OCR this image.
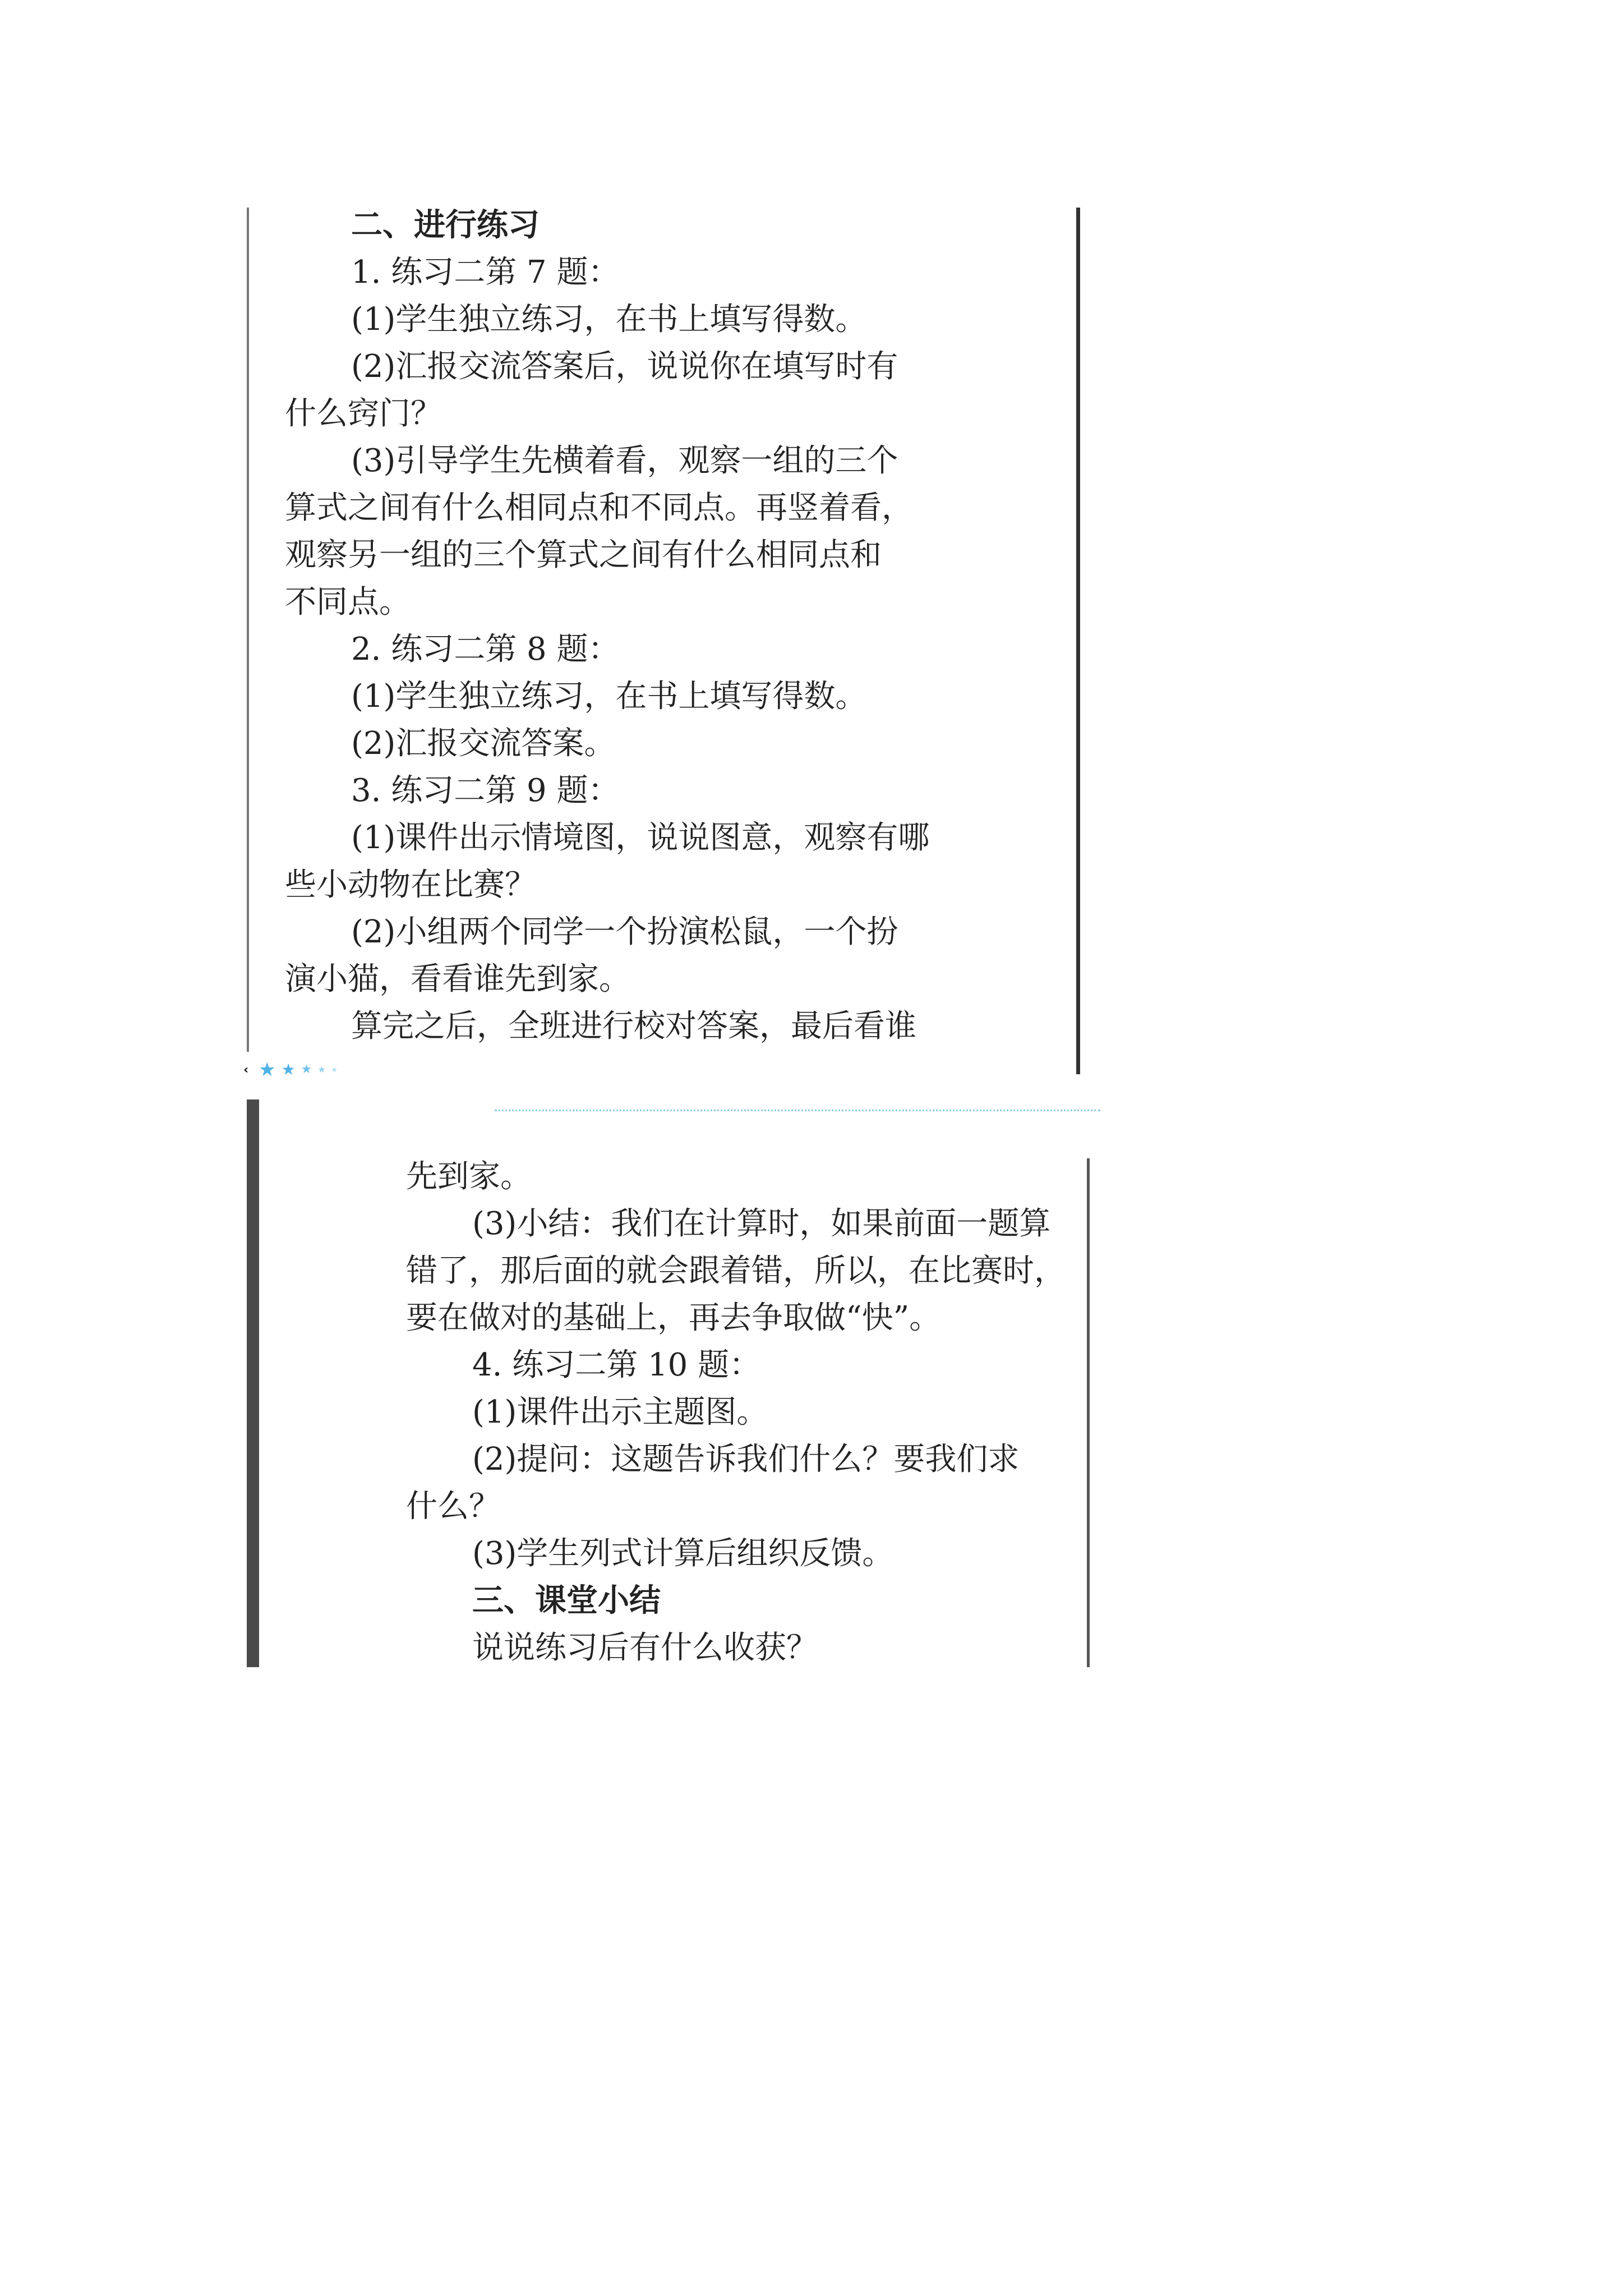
二、进行练习
1. 练习二第 7 题：
(1)学生独立练习，在书上填写得数。
(2)汇报交流答案后，说说你在填写时有
什么窍门？
(3)引导学生先横着看，观察一组的三个
算式之间有什么相同点和不同点。再竖着看，
观察另一组的三个算式之间有什么相同点和
不同点。
2. 练习二第 8 题：
(1)学生独立练习，在书上填写得数。
(2)汇报交流答案。
3. 练习二第 9 题：
(1)课件出示情境图，说说图意，观察有哪
些小动物在比赛？
(2)小组两个同学一个扮演松鼠，一个扮
演小猫，看看谁先到家。
算完之后，全班进行校对答案，最后看谁
‹ ★ ★ ★ ★ ★
先到家。
(3)小结：我们在计算时，如果前面一题算
错了，那后面的就会跟着错，所以，在比赛时，
要在做对的基础上，再去争取做“快”。
4. 练习二第 10 题：
(1)课件出示主题图。
(2)提问：这题告诉我们什么？要我们求
什么？
(3)学生列式计算后组织反馈。
三、课堂小结
说说练习后有什么收获？
